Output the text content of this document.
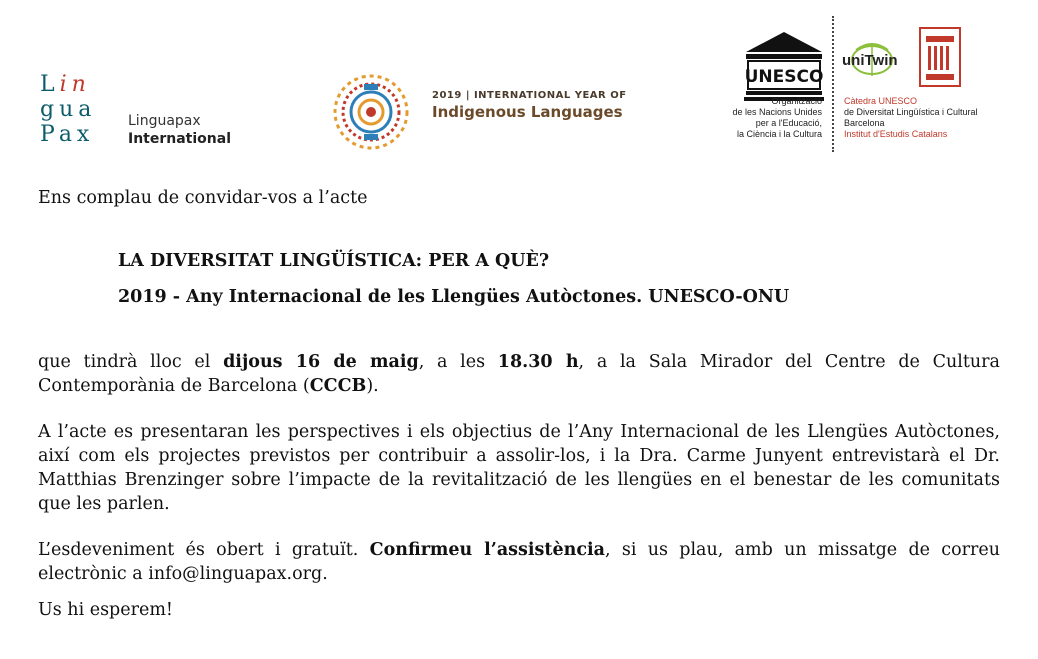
Lin
gua
Pax
Linguapax
International
2019 | INTERNATIONAL YEAR OF
Indigenous Languages
UNESCO
Organització
de les Nacions Unides
per a l'Educació,
la Ciència i la Cultura
uniTwin
Càtedra UNESCO
de Diversitat Lingüística i Cultural
Barcelona
Institut d'Estudis Catalans
Ens complau de convidar-vos a l’acte
LA DIVERSITAT LINGÜÍSTICA: PER A QUÈ?
2019 - Any Internacional de les Llengües Autòctones. UNESCO-ONU

que tindrà lloc el dijous 16 de maig, a les 18.30 h, a la Sala Mirador del Centre de Cultura Contemporània de Barcelona (CCCB).

A l’acte es presentaran les perspectives i els objectius de l’Any Internacional de les Llengües Autòctones, així com els projectes previstos per contribuir a assolir-los, i la Dra. Carme Junyent entrevistarà el Dr. Matthias Brenzinger sobre l’impacte de la revitalització de les llengües en el benestar de les comunitats que les parlen.

L’esdeveniment és obert i gratuït. Confirmeu l’assistència, si us plau, amb un missatge de correu electrònic a info@linguapax.org.

Us hi esperem!
